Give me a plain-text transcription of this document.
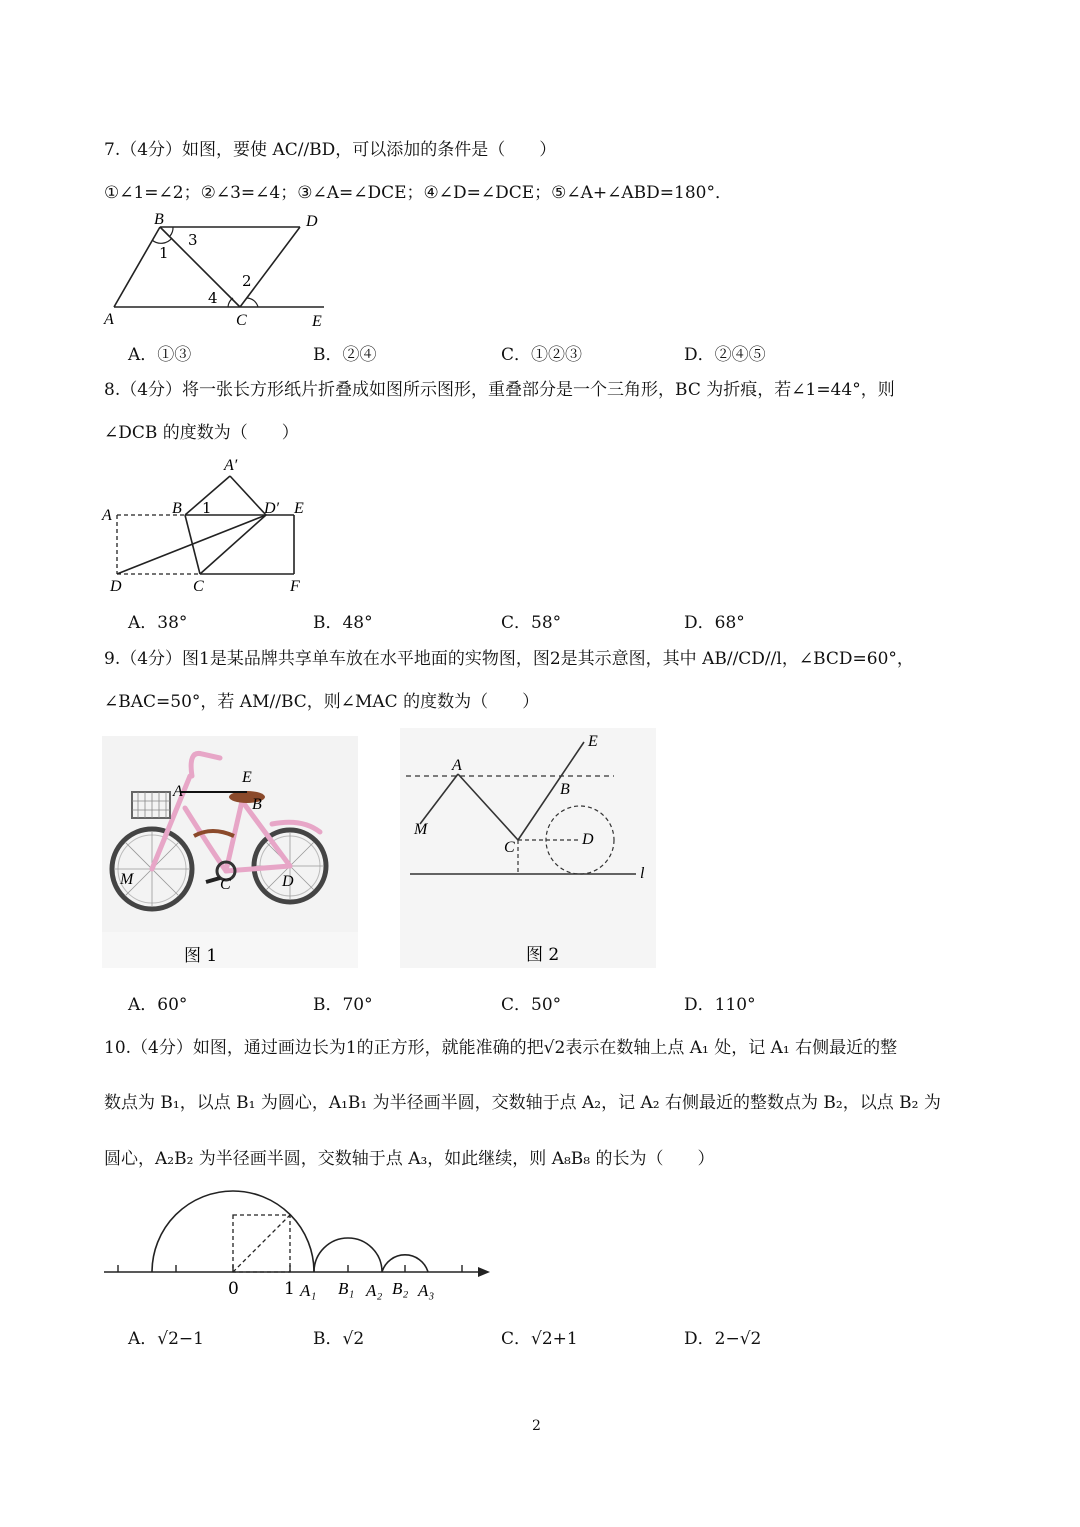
7.（4分）如图，要使 AC//BD，可以添加的条件是（　　）
①∠1=∠2；②∠3=∠4；③∠A=∠DCE；④∠D=∠DCE；⑤∠A+∠ABD=180°．
B	D
A	C	E
1
2
3
4
A．①③	B．②④	C．①②③	D．②④⑤
8.（4分）将一张长方形纸片折叠成如图所示图形，重叠部分是一个三角形，BC 为折痕，若∠1=44°，则
∠DCB 的度数为（　　）
A′
A	B 1	D′ E
D	C	F
A．38°	B．48°	C．58°	D．68°
9.（4分）图1是某品牌共享单车放在水平地面的实物图，图2是其示意图，其中 AB//CD//l，∠BCD=60°，
∠BAC=50°，若 AM//BC，则∠MAC 的度数为（　　）
E
A
B
M	C	D
图 1
E
A
B
M
C	D
l
图 2
A．60°	B．70°	C．50°	D．110°
10.（4分）如图，通过画边长为1的正方形，就能准确的把√2表示在数轴上点 A₁ 处，记 A₁ 右侧最近的整
数点为 B₁，以点 B₁ 为圆心，A₁B₁ 为半径画半圆，交数轴于点 A₂，记 A₂ 右侧最近的整数点为 B₂，以点 B₂ 为
圆心，A₂B₂ 为半径画半圆，交数轴于点 A₃，如此继续，则 A₈B₈ 的长为（　　）
0	1 A₁ B₁ A₂ B₂ A₃
A．√2−1	B．√2	C．√2+1	D．2−√2
2
